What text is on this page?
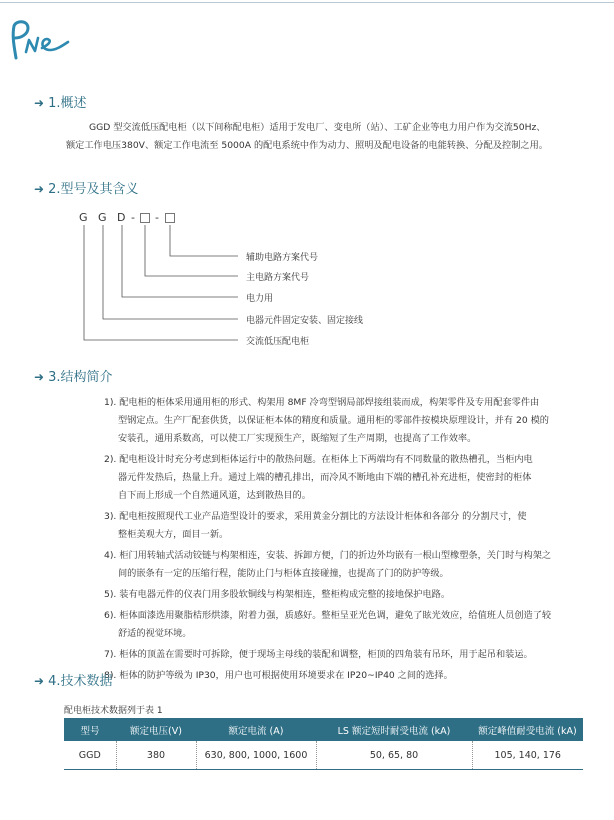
➜ 1.概述
GGD 型交流低压配电柜（以下间称配电柜）适用于发电厂、变电所（站）、工矿企业等电力用户作为交流50Hz、
额定工作电压380V、额定工作电流至 5000A 的配电系统中作为动力、照明及配电设备的电能转换、分配及控制之用。
➜ 2.型号及其含义
G G D - -
辅助电路方案代号
主电路方案代号
电力用
电器元件固定安装、固定接线
交流低压配电柜
➜ 3.结构简介
1). 配电柜的柜体采用通用柜的形式、构架用 8MF 冷弯型钢局部焊接组装而成，构架零件及专用配套零件由
型钢定点。生产厂配套供货，以保证柜本体的精度和质量。通用柜的零部件按模块原理设计，并有 20 模的
安装孔，通用系数高，可以使工厂实现预生产，既缩短了生产周期，也提高了工作效率。
2). 配电柜设计时充分考虑到柜体运行中的散热问题。在柜体上下两端均有不同数量的散热槽孔，当柜内电
器元件发热后，热量上升。通过上端的槽孔排出，而冷风不断地由下端的槽孔补充进柜，使密封的柜体
自下而上形成一个自然通风道，达到散热目的。
3). 配电柜按照现代工业产品造型设计的要求，采用黄金分割比的方法设计柜体和各部分 的分割尺寸，使
整柜美观大方，面目一新。
4). 柜门用转轴式活动铰链与构架相连，安装、拆卸方便，门的折边外均嵌有一根山型橡塑条，关门时与构架之
间的嵌条有一定的压缩行程，能防止门与柜体直接碰撞，也提高了门的防护等级。
5). 装有电器元件的仪表门用多股软铜线与构架相连，整柜构成完整的接地保护电路。
6). 柜体面漆选用聚脂桔形烘漆，附着力强，质感好。整柜呈亚光色调，避免了眩光效应，给值班人员创造了较
舒适的视觉环境。
7). 柜体的顶盖在需要时可拆除，便于现场主母线的装配和调整，柜顶的四角装有吊环，用于起吊和装运。
8). 柜体的防护等级为 IP30，用户也可根据使用环境要求在 IP20~IP40 之间的选择。
➜ 4.技术数据
配电柜技术数据列于表 1
型号	额定电压(V)	额定电流 (A)	LS 额定短时耐受电流 (kA)	额定峰值耐受电流 (kA)
GGD	380	630, 800, 1000, 1600	50, 65, 80	105, 140, 176
